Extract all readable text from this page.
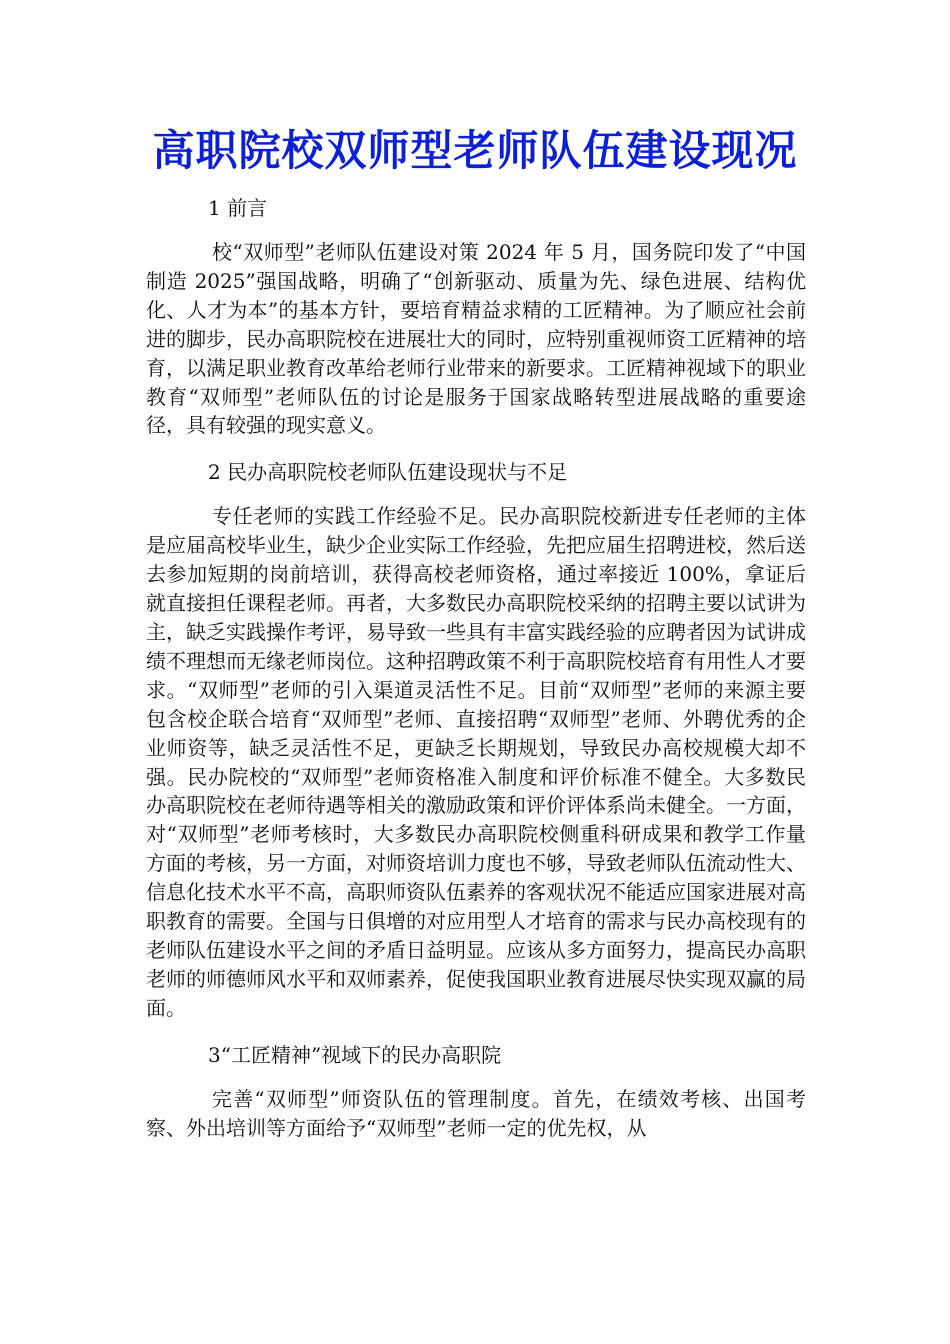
高职院校双师型老师队伍建设现况

1 前言

校“双师型”老师队伍建设对策 2024 年 5 月，国务院印发了“中国制造 2025”强国战略，明确了“创新驱动、质量为先、绿色进展、结构优化、人才为本”的基本方针，要培育精益求精的工匠精神。为了顺应社会前进的脚步，民办高职院校在进展壮大的同时，应特别重视师资工匠精神的培育，以满足职业教育改革给老师行业带来的新要求。工匠精神视域下的职业教育“双师型”老师队伍的讨论是服务于国家战略转型进展战略的重要途径，具有较强的现实意义。

2 民办高职院校老师队伍建设现状与不足

专任老师的实践工作经验不足。民办高职院校新进专任老师的主体是应届高校毕业生，缺少企业实际工作经验，先把应届生招聘进校，然后送去参加短期的岗前培训，获得高校老师资格，通过率接近 100%，拿证后就直接担任课程老师。再者，大多数民办高职院校采纳的招聘主要以试讲为主，缺乏实践操作考评，易导致一些具有丰富实践经验的应聘者因为试讲成绩不理想而无缘老师岗位。这种招聘政策不利于高职院校培育有用性人才要求。“双师型”老师的引入渠道灵活性不足。目前“双师型”老师的来源主要包含校企联合培育“双师型”老师、直接招聘“双师型”老师、外聘优秀的企业师资等，缺乏灵活性不足，更缺乏长期规划，导致民办高校规模大却不强。民办院校的“双师型”老师资格准入制度和评价标准不健全。大多数民办高职院校在老师待遇等相关的激励政策和评价评体系尚未健全。一方面，对“双师型”老师考核时，大多数民办高职院校侧重科研成果和教学工作量方面的考核，另一方面，对师资培训力度也不够，导致老师队伍流动性大、信息化技术水平不高，高职师资队伍素养的客观状况不能适应国家进展对高职教育的需要。全国与日俱增的对应用型人才培育的需求与民办高校现有的老师队伍建设水平之间的矛盾日益明显。应该从多方面努力，提高民办高职老师的师德师风水平和双师素养，促使我国职业教育进展尽快实现双赢的局面。

3“工匠精神”视域下的民办高职院

完善“双师型”师资队伍的管理制度。首先，在绩效考核、出国考察、外出培训等方面给予“双师型”老师一定的优先权，从
